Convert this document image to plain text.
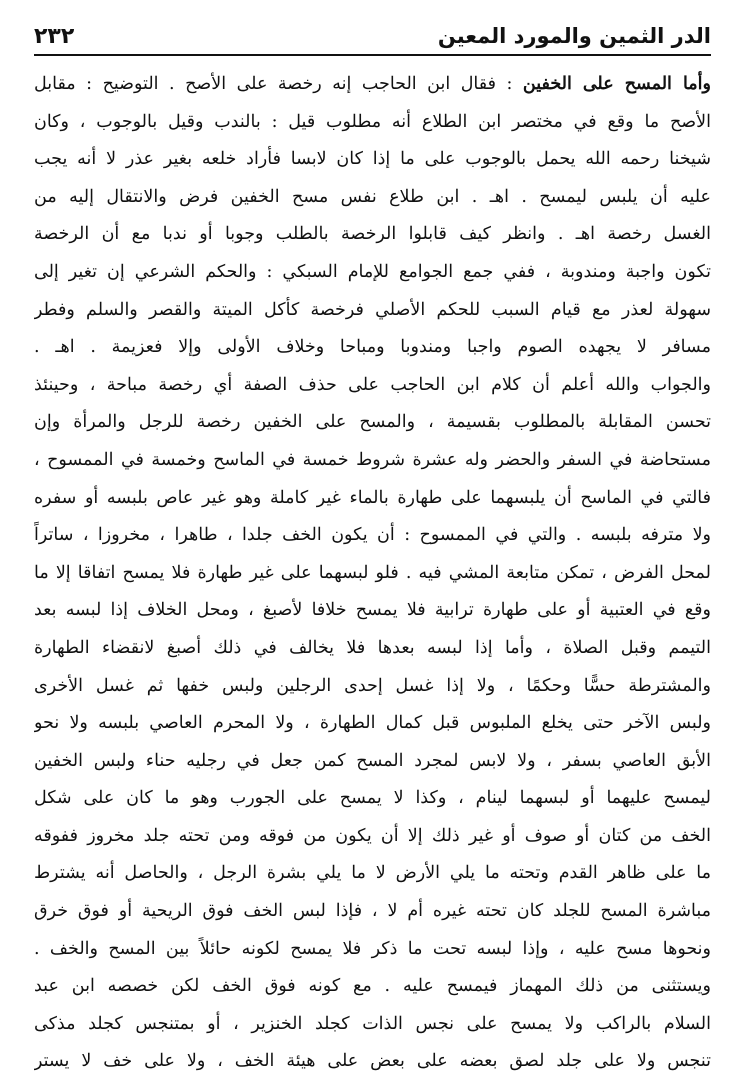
الدر الثمين والمورد المعين
٢٣٢
وأما المسح على الخفين : فقال ابن الحاجب إنه رخصة على الأصح . التوضيح : مقابل
الأصح ما وقع في مختصر ابن الطلاع أنه مطلوب قيل : بالندب وقيل بالوجوب ، وكان
شيخنا رحمه الله يحمل بالوجوب على ما إذا كان لابسا فأراد خلعه بغير عذر لا أنه يجب
عليه أن يلبس ليمسح . اهـ . ابن طلاع نفس مسح الخفين فرض والانتقال إليه من
الغسل رخصة اهـ . وانظر كيف قابلوا الرخصة بالطلب وجوبا أو ندبا مع أن الرخصة
تكون واجبة ومندوبة ، ففي جمع الجوامع للإمام السبكي : والحكم الشرعي إن تغير إلى
سهولة لعذر مع قيام السبب للحكم الأصلي فرخصة كأكل الميتة والقصر والسلم وفطر
مسافر لا يجهده الصوم واجبا ومندوبا ومباحا وخلاف الأولى وإلا فعزيمة . اهـ .
والجواب والله أعلم أن كلام ابن الحاجب على حذف الصفة أي رخصة مباحة ، وحينئذ
تحسن المقابلة بالمطلوب بقسيمة ، والمسح على الخفين رخصة للرجل والمرأة وإن
مستحاضة في السفر والحضر وله عشرة شروط خمسة في الماسح وخمسة في الممسوح ،
فالتي في الماسح أن يلبسهما على طهارة بالماء غير كاملة وهو غير عاص بلبسه أو سفره
ولا مترفه بلبسه . والتي في الممسوح : أن يكون الخف جلدا ، طاهرا ، مخروزا ، ساتراً
لمحل الفرض ، تمكن متابعة المشي فيه . فلو لبسهما على غير طهارة فلا يمسح اتفاقا إلا ما
وقع في العتبية أو على طهارة ترابية فلا يمسح خلافا لأصبغ ، ومحل الخلاف إذا لبسه بعد
التيمم وقبل الصلاة ، وأما إذا لبسه بعدها فلا يخالف في ذلك أصبغ لانقضاء الطهارة
والمشترطة حسًّا وحكمًا ، ولا إذا غسل إحدى الرجلين ولبس خفها ثم غسل الأخرى
ولبس الآخر حتى يخلع الملبوس قبل كمال الطهارة ، ولا المحرم العاصي بلبسه ولا نحو
الأبق العاصي بسفر ، ولا لابس لمجرد المسح كمن جعل في رجليه حناء ولبس الخفين
ليمسح عليهما أو لبسهما لينام ، وكذا لا يمسح على الجورب وهو ما كان على شكل
الخف من كتان أو صوف أو غير ذلك إلا أن يكون من فوقه ومن تحته جلد مخروز ففوقه
ما على ظاهر القدم وتحته ما يلي الأرض لا ما يلي بشرة الرجل ، والحاصل أنه يشترط
مباشرة المسح للجلد كان تحته غيره أم لا ، فإذا لبس الخف فوق الريحية أو فوق خرق
ونحوها مسح عليه ، وإذا لبسه تحت ما ذكر فلا يمسح لكونه حائلاً بين المسح والخف .
ويستثنى من ذلك المهماز فيمسح عليه . مع كونه فوق الخف لكن خصصه ابن عبد
السلام بالراكب ولا يمسح على نجس الذات كجلد الخنزير ، أو بمتنجس كجلد مذكى
تنجس ولا على جلد لصق بعضه على بعض على هيئة الخف ، ولا على خف لا يستر
